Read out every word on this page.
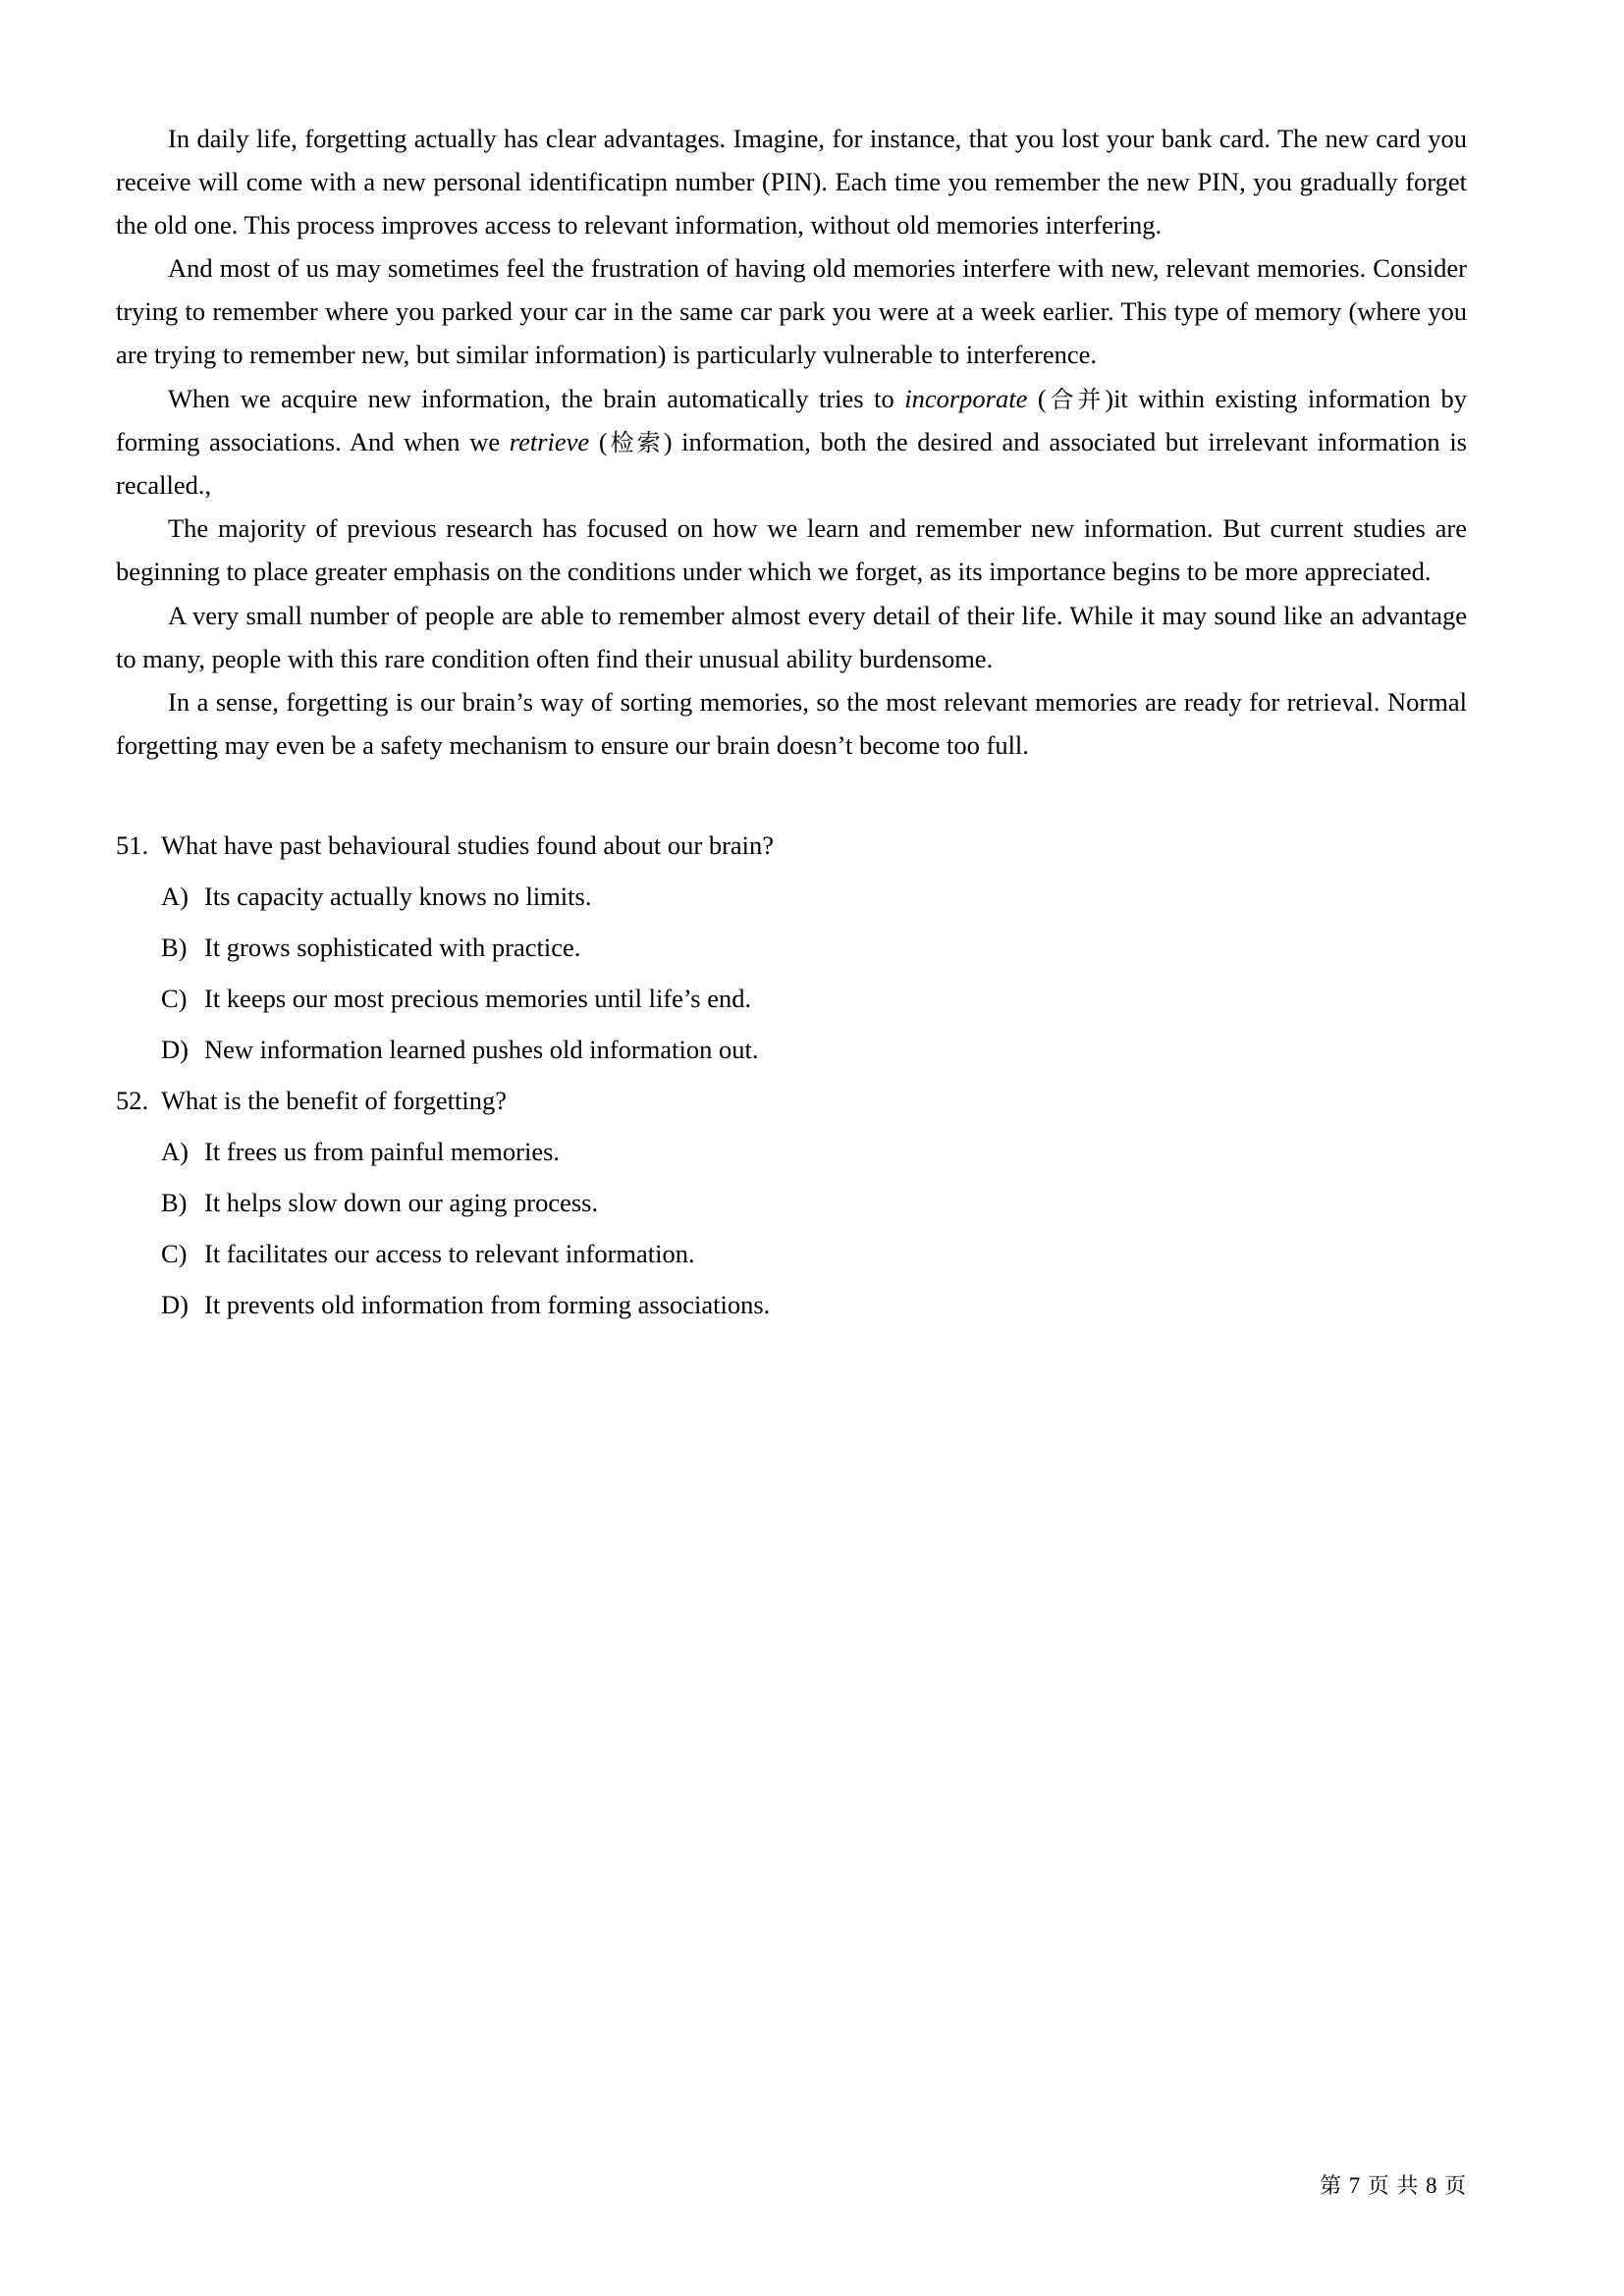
In daily life, forgetting actually has clear advantages. Imagine, for instance, that you lost your bank card. The new card you receive will come with a new personal identificatipn number (PIN). Each time you remember the new PIN, you gradually forget the old one. This process improves access to relevant information, without old memories interfering.

And most of us may sometimes feel the frustration of having old memories interfere with new, relevant memories. Consider trying to remember where you parked your car in the same car park you were at a week earlier. This type of memory (where you are trying to remember new, but similar information) is particularly vulnerable to interference.

When we acquire new information, the brain automatically tries to incorporate (合并)it within existing information by forming associations. And when we retrieve (检索) information, both the desired and associated but irrelevant information is recalled.,

The majority of previous research has focused on how we learn and remember new information. But current studies are beginning to place greater emphasis on the conditions under which we forget, as its importance begins to be more appreciated.

A very small number of people are able to remember almost every detail of their life. While it may sound like an advantage to many, people with this rare condition often find their unusual ability burdensome.

In a sense, forgetting is our brain’s way of sorting memories, so the most relevant memories are ready for retrieval. Normal forgetting may even be a safety mechanism to ensure our brain doesn’t become too full.

51. What have past behavioural studies found about our brain?
A) Its capacity actually knows no limits.
B) It grows sophisticated with practice.
C) It keeps our most precious memories until life’s end.
D) New information learned pushes old information out.
52. What is the benefit of forgetting?
A) It frees us from painful memories.
B) It helps slow down our aging process.
C) It facilitates our access to relevant information.
D) It prevents old information from forming associations.
第 7 页 共 8 页
